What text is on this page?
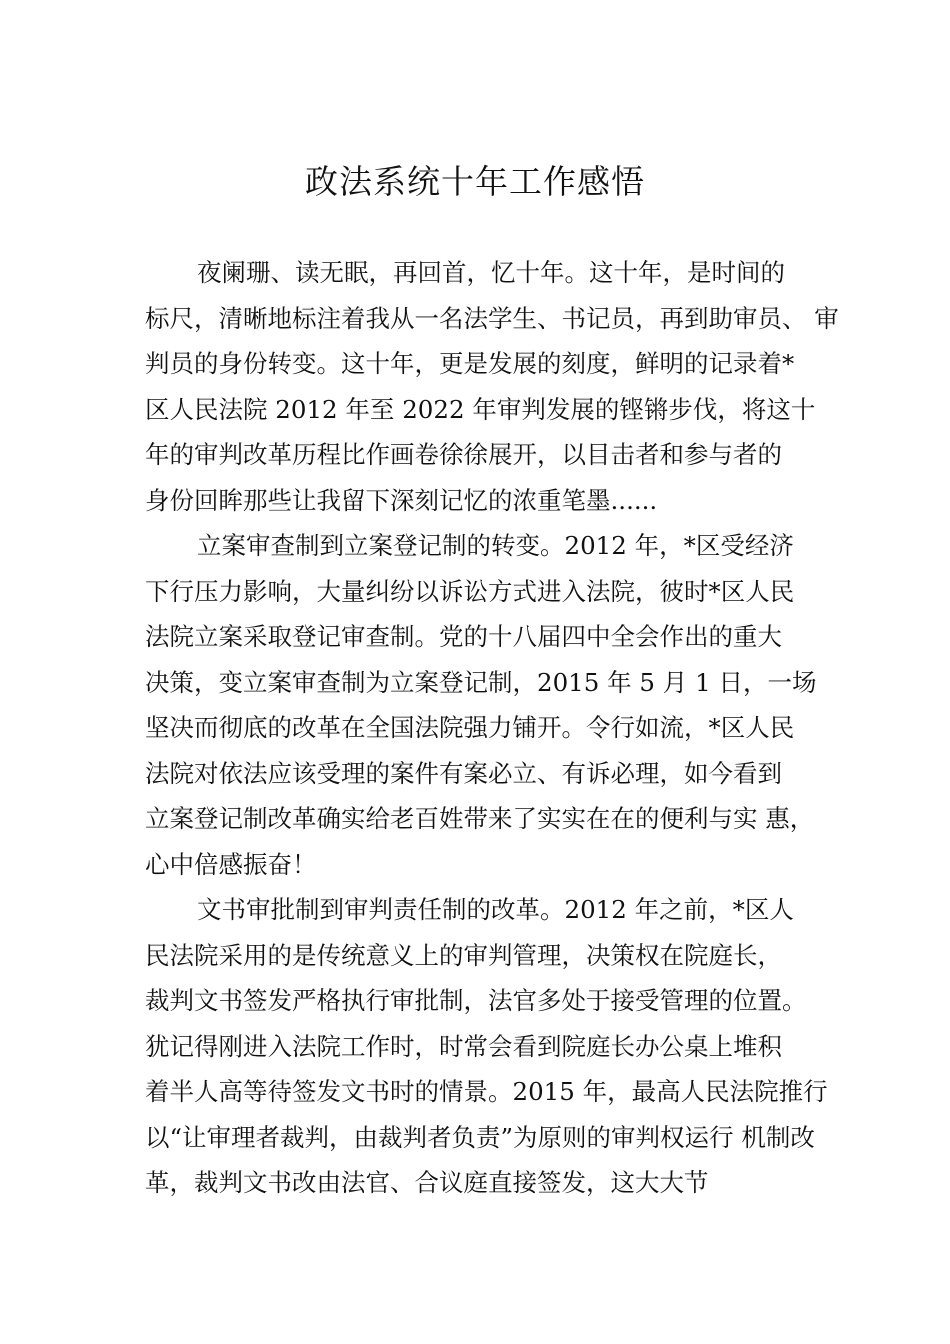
政法系统十年工作感悟
夜阑珊、读无眠，再回首，忆十年。这十年，是时间的
标尺，清晰地标注着我从一名法学生、书记员，再到助审员、 审
判员的身份转变。这十年，更是发展的刻度，鲜明的记录着*
区人民法院 2012 年至 2022 年审判发展的铿锵步伐，将这十
年的审判改革历程比作画卷徐徐展开，以目击者和参与者的
身份回眸那些让我留下深刻记忆的浓重笔墨......
立案审查制到立案登记制的转变。2012 年，*区受经济
下行压力影响，大量纠纷以诉讼方式进入法院，彼时*区人民
法院立案采取登记审查制。党的十八届四中全会作出的重大
决策，变立案审查制为立案登记制，2015 年 5 月 1 日，一场
坚决而彻底的改革在全国法院强力铺开。令行如流，*区人民
法院对依法应该受理的案件有案必立、有诉必理，如今看到
立案登记制改革确实给老百姓带来了实实在在的便利与实 惠，
心中倍感振奋！
文书审批制到审判责任制的改革。2012 年之前，*区人
民法院采用的是传统意义上的审判管理，决策权在院庭长，
裁判文书签发严格执行审批制，法官多处于接受管理的位置。
犹记得刚进入法院工作时，时常会看到院庭长办公桌上堆积
着半人高等待签发文书时的情景。2015 年，最高人民法院推行
以“让审理者裁判，由裁判者负责”为原则的审判权运行 机制改
革，裁判文书改由法官、合议庭直接签发，这大大节
